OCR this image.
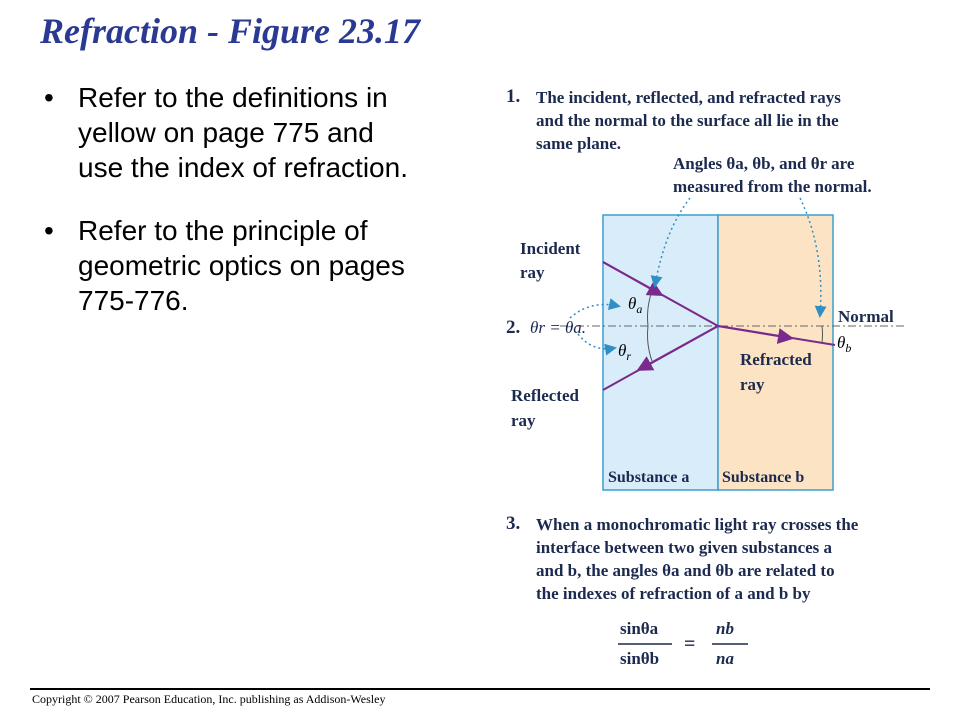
Refraction - Figure 23.17
• Refer to the definitions in yellow on page 775 and use the index of refraction.
• Refer to the principle of geometric optics on pages 775-776.
1. The incident, reflected, and refracted rays
and the normal to the surface all lie in the
same plane.
Angles θa, θb, and θr are
measured from the normal.
$\theta_a$
$\theta_r$
$\theta_b$
2. θr = θa.
Incident
ray
Reflected
ray
Refracted
ray
Normal
Substance a Substance b
sinθa
sinθb
=
nb
na
3. When a monochromatic light ray crosses the
interface between two given substances a
and b, the angles θa and θb are related to
the indexes of refraction of a and b by
Copyright © 2007 Pearson Education, Inc. publishing as Addison-Wesley
